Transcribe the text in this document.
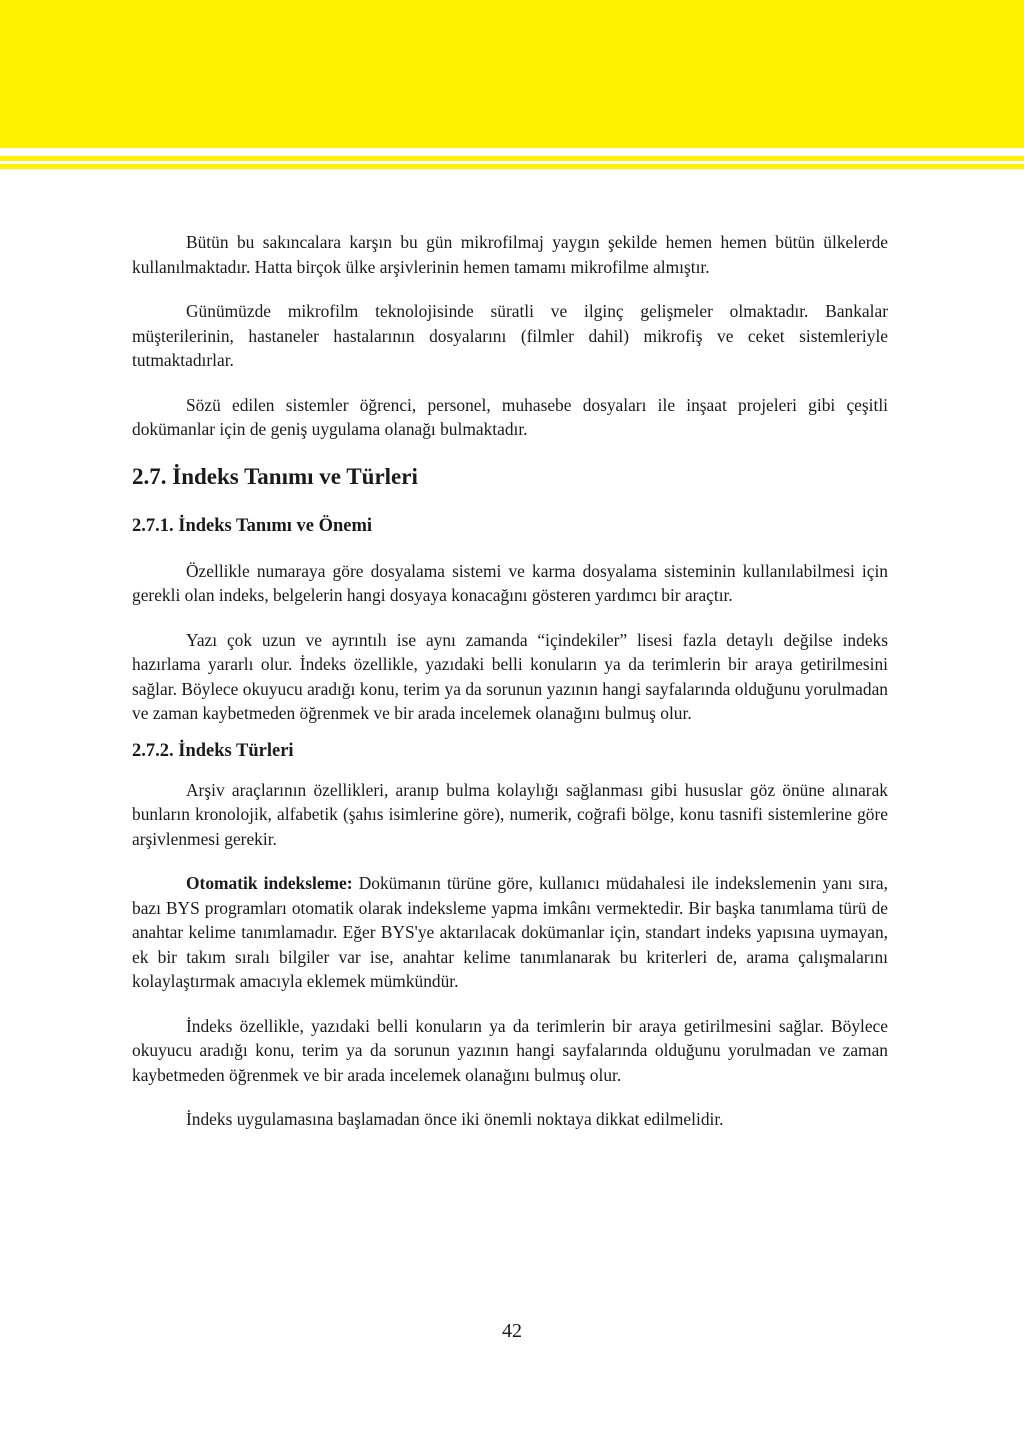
Bütün bu sakıncalara karşın bu gün mikrofilmaj yaygın şekilde hemen hemen bütün ülkelerde kullanılmaktadır. Hatta birçok ülke arşivlerinin hemen tamamı mikrofilme almıştır.

Günümüzde mikrofilm teknolojisinde süratli ve ilginç gelişmeler olmaktadır. Bankalar müşterilerinin, hastaneler hastalarının dosyalarını (filmler dahil) mikrofiş ve ceket sistemleriyle tutmaktadırlar.

Sözü edilen sistemler öğrenci, personel, muhasebe dosyaları ile inşaat projeleri gibi çeşitli dokümanlar için de geniş uygulama olanağı bulmaktadır.

2.7. İndeks Tanımı ve Türleri
2.7.1. İndeks Tanımı ve Önemi

Özellikle numaraya göre dosyalama sistemi ve karma dosyalama sisteminin kullanılabilmesi için gerekli olan indeks, belgelerin hangi dosyaya konacağını gösteren yardımcı bir araçtır.

Yazı çok uzun ve ayrıntılı ise aynı zamanda “içindekiler” lisesi fazla detaylı değilse indeks hazırlama yararlı olur. İndeks özellikle, yazıdaki belli konuların ya da terimlerin bir araya getirilmesini sağlar. Böylece okuyucu aradığı konu, terim ya da sorunun yazının hangi sayfalarında olduğunu yorulmadan ve zaman kaybetmeden öğrenmek ve bir arada incelemek olanağını bulmuş olur.

2.7.2. İndeks Türleri

Arşiv araçlarının özellikleri, aranıp bulma kolaylığı sağlanması gibi hususlar göz önüne alınarak bunların kronolojik, alfabetik (şahıs isimlerine göre), numerik, coğrafi bölge, konu tasnifi sistemlerine göre arşivlenmesi gerekir.

Otomatik indeksleme: Dokümanın türüne göre, kullanıcı müdahalesi ile indekslemenin yanı sıra, bazı BYS programları otomatik olarak indeksleme yapma imkânı vermektedir. Bir başka tanımlama türü de anahtar kelime tanımlamadır. Eğer BYS'ye aktarılacak dokümanlar için, standart indeks yapısına uymayan, ek bir takım sıralı bilgiler var ise, anahtar kelime tanımlanarak bu kriterleri de, arama çalışmalarını kolaylaştırmak amacıyla eklemek mümkündür.

İndeks özellikle, yazıdaki belli konuların ya da terimlerin bir araya getirilmesini sağlar. Böylece okuyucu aradığı konu, terim ya da sorunun yazının hangi sayfalarında olduğunu yorulmadan ve zaman kaybetmeden öğrenmek ve bir arada incelemek olanağını bulmuş olur.

İndeks uygulamasına başlamadan önce iki önemli noktaya dikkat edilmelidir.

42
